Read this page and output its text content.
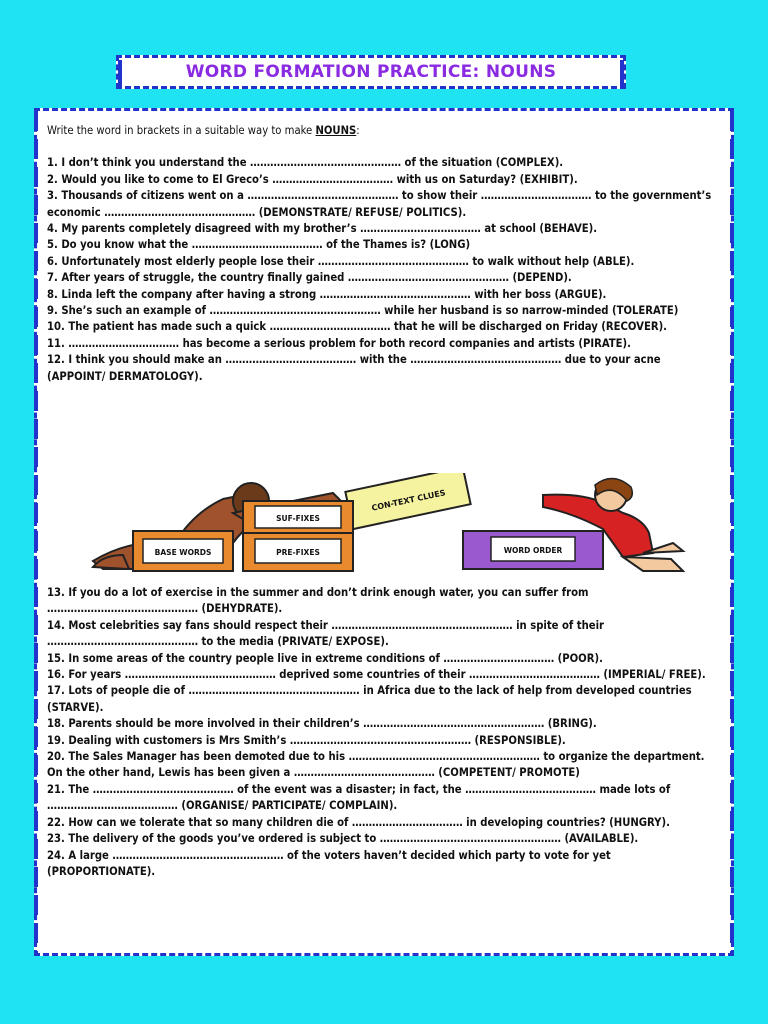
WORD FORMATION PRACTICE: NOUNS

Write the word in brackets in a suitable way to make NOUNS:

1. I don’t think you understand the ……………………………………… of the situation (COMPLEX).

2. Would you like to come to El Greco’s ……………………………… with us on Saturday? (EXHIBIT).

3. Thousands of citizens went on a ……………………………………… to show their …………………………… to the government’s economic ……………………………………… (DEMONSTRATE/ REFUSE/ POLITICS).

4. My parents completely disagreed with my brother’s ……………………………… at school (BEHAVE).

5. Do you know what the ………………………………… of the Thames is? (LONG)

6. Unfortunately most elderly people lose their ……………………………………… to walk without help (ABLE).

7. After years of struggle, the country finally gained ………………………………………… (DEPEND).

8. Linda left the company after having a strong ……………………………………… with her boss (ARGUE).

9. She’s such an example of …………………………………………… while her husband is so narrow-minded (TOLERATE)

10. The patient has made such a quick ……………………………… that he will be discharged on Friday (RECOVER).

11. …………………………… has become a serious problem for both record companies and artists (PIRATE).

12. I think you should make an ………………………………… with the ……………………………………… due to your acne (APPOINT/ DERMATOLOGY).

CON-TEXT CLUES
BASE WORDS
SUF-FIXES
PRE-FIXES	WORD ORDER

13. If you do a lot of exercise in the summer and don’t drink enough water, you can suffer from ……………………………………… (DEHYDRATE).

14. Most celebrities say fans should respect their ……………………………………………… in spite of their ……………………………………… to the media (PRIVATE/ EXPOSE).

15. In some areas of the country people live in extreme conditions of …………………………… (POOR).

16. For years ……………………………………… deprived some countries of their ………………………………… (IMPERIAL/ FREE).

17. Lots of people die of …………………………………………… in Africa due to the lack of help from developed countries (STARVE).

18. Parents should be more involved in their children’s ……………………………………………… (BRING).

19. Dealing with customers is Mrs Smith’s ……………………………………………… (RESPONSIBLE).

20. The Sales Manager has been demoted due to his ………………………………………………… to organize the department. On the other hand, Lewis has been given a …………………………………… (COMPETENT/ PROMOTE)

21. The …………………………………… of the event was a disaster; in fact, the ………………………………… made lots of ………………………………… (ORGANISE/ PARTICIPATE/ COMPLAIN).

22. How can we tolerate that so many children die of …………………………… in developing countries? (HUNGRY).

23. The delivery of the goods you’ve ordered is subject to ……………………………………………… (AVAILABLE).

24. A large …………………………………………… of the voters haven’t decided which party to vote for yet (PROPORTIONATE).
